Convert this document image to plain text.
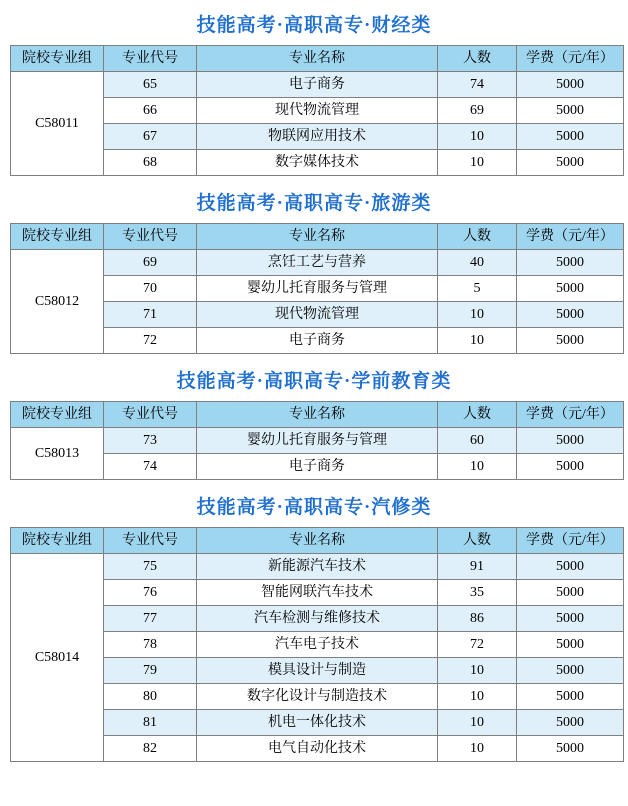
技能高考·高职高专·财经类
院校专业组	专业代号	专业名称	人数	学费（元/年）
C58011	65	电子商务	74	5000
	66	现代物流管理	69	5000
	67	物联网应用技术	10	5000
	68	数字媒体技术	10	5000
技能高考·高职高专·旅游类
院校专业组	专业代号	专业名称	人数	学费（元/年）
C58012	69	烹饪工艺与营养	40	5000
	70	婴幼儿托育服务与管理	5	5000
	71	现代物流管理	10	5000
	72	电子商务	10	5000
技能高考·高职高专·学前教育类
院校专业组	专业代号	专业名称	人数	学费（元/年）
C58013	73	婴幼儿托育服务与管理	60	5000
	74	电子商务	10	5000
技能高考·高职高专·汽修类
院校专业组	专业代号	专业名称	人数	学费（元/年）
C58014	75	新能源汽车技术	91	5000
	76	智能网联汽车技术	35	5000
	77	汽车检测与维修技术	86	5000
	78	汽车电子技术	72	5000
	79	模具设计与制造	10	5000
	80	数字化设计与制造技术	10	5000
	81	机电一体化技术	10	5000
	82	电气自动化技术	10	5000
